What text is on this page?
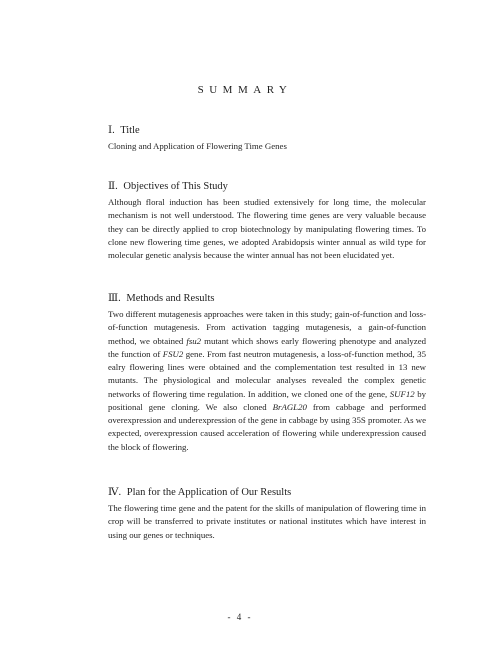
SUMMARY

Ⅰ. Title

Cloning and Application of Flowering Time Genes

Ⅱ. Objectives of This Study

Although floral induction has been studied extensively for long time, the molecular mechanism is not well understood. The flowering time genes are very valuable because they can be directly applied to crop biotechnology by manipulating flowering times. To clone new flowering time genes, we adopted Arabidopsis winter annual as wild type for molecular genetic analysis because the winter annual has not been elucidated yet.

Ⅲ. Methods and Results

Two different mutagenesis approaches were taken in this study; gain-of-function and loss-of-function mutagenesis. From activation tagging mutagenesis, a gain-of-function method, we obtained fsu2 mutant which shows early flowering phenotype and analyzed the function of FSU2 gene. From fast neutron mutagenesis, a loss-of-function method, 35 ealry flowering lines were obtained and the complementation test resulted in 13 new mutants. The physiological and molecular analyses revealed the complex genetic networks of flowering time regulation. In addition, we cloned one of the gene, SUF12 by positional gene cloning. We also cloned BrAGL20 from cabbage and performed overexpression and underexpression of the gene in cabbage by using 35S promoter. As we expected, overexpression caused acceleration of flowering while underexpression caused the block of flowering.

Ⅳ. Plan for the Application of Our Results

The flowering time gene and the patent for the skills of manipulation of flowering time in crop will be transferred to private institutes or national institutes which have interest in using our genes or techniques.

- 4 -
